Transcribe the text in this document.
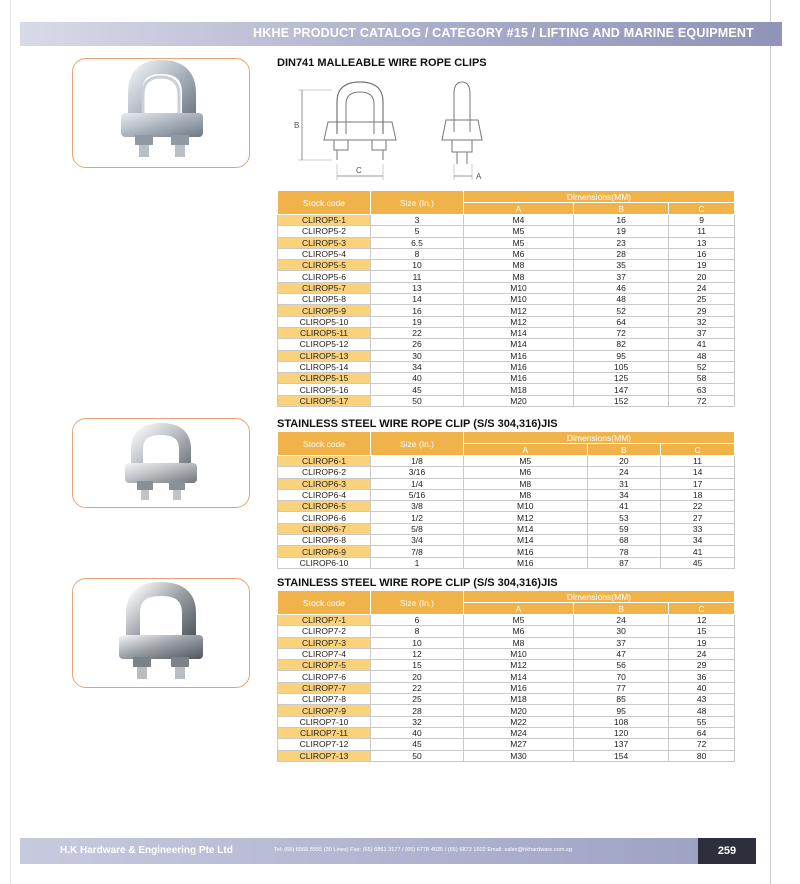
HKHE PRODUCT CATALOG / CATEGORY #15 / LIFTING AND MARINE EQUIPMENT
DIN741 MALLEABLE WIRE ROPE CLIPS
B
C
A
Stock code	Size (In.)	Dimensions(MM)		
		A	B	C
CLIROP5-1	3	M4	16	9
CLIROP5-2	5	M5	19	11
CLIROP5-3	6.5	M5	23	13
CLIROP5-4	8	M6	28	16
CLIROP5-5	10	M8	35	19
CLIROP5-6	11	M8	37	20
CLIROP5-7	13	M10	46	24
CLIROP5-8	14	M10	48	25
CLIROP5-9	16	M12	52	29
CLIROP5-10	19	M12	64	32
CLIROP5-11	22	M14	72	37
CLIROP5-12	26	M14	82	41
CLIROP5-13	30	M16	95	48
CLIROP5-14	34	M16	105	52
CLIROP5-15	40	M16	125	58
CLIROP5-16	45	M18	147	63
CLIROP5-17	50	M20	152	72
STAINLESS STEEL WIRE ROPE CLIP (S/S 304,316)JIS
Stock code	Size (In.)	Dimensions(MM)		
		A	B	C
CLIROP6-1	1/8	M5	20	11
CLIROP6-2	3/16	M6	24	14
CLIROP6-3	1/4	M8	31	17
CLIROP6-4	5/16	M8	34	18
CLIROP6-5	3/8	M10	41	22
CLIROP6-6	1/2	M12	53	27
CLIROP6-7	5/8	M14	59	33
CLIROP6-8	3/4	M14	68	34
CLIROP6-9	7/8	M16	78	41
CLIROP6-10	1	M16	87	45
STAINLESS STEEL WIRE ROPE CLIP (S/S 304,316)JIS
Stock code	Size (In.)	Dimensions(MM)		
		A	B	C
CLIROP7-1	6	M5	24	12
CLIROP7-2	8	M6	30	15
CLIROP7-3	10	M8	37	19
CLIROP7-4	12	M10	47	24
CLIROP7-5	15	M12	56	29
CLIROP7-6	20	M14	70	36
CLIROP7-7	22	M16	77	40
CLIROP7-8	25	M18	85	43
CLIROP7-9	28	M20	95	48
CLIROP7-10	32	M22	108	55
CLIROP7-11	40	M24	120	64
CLIROP7-12	45	M27	137	72
CLIROP7-13	50	M30	154	80
H.K Hardware & Engineering Pte Ltd	Tel: (65) 6565 5555 (30 Lines) Fax: (65) 6861 3177 / (65) 6778 4025 / (65) 6873 1602 Email: sales@hkhardware.com.sg	259
